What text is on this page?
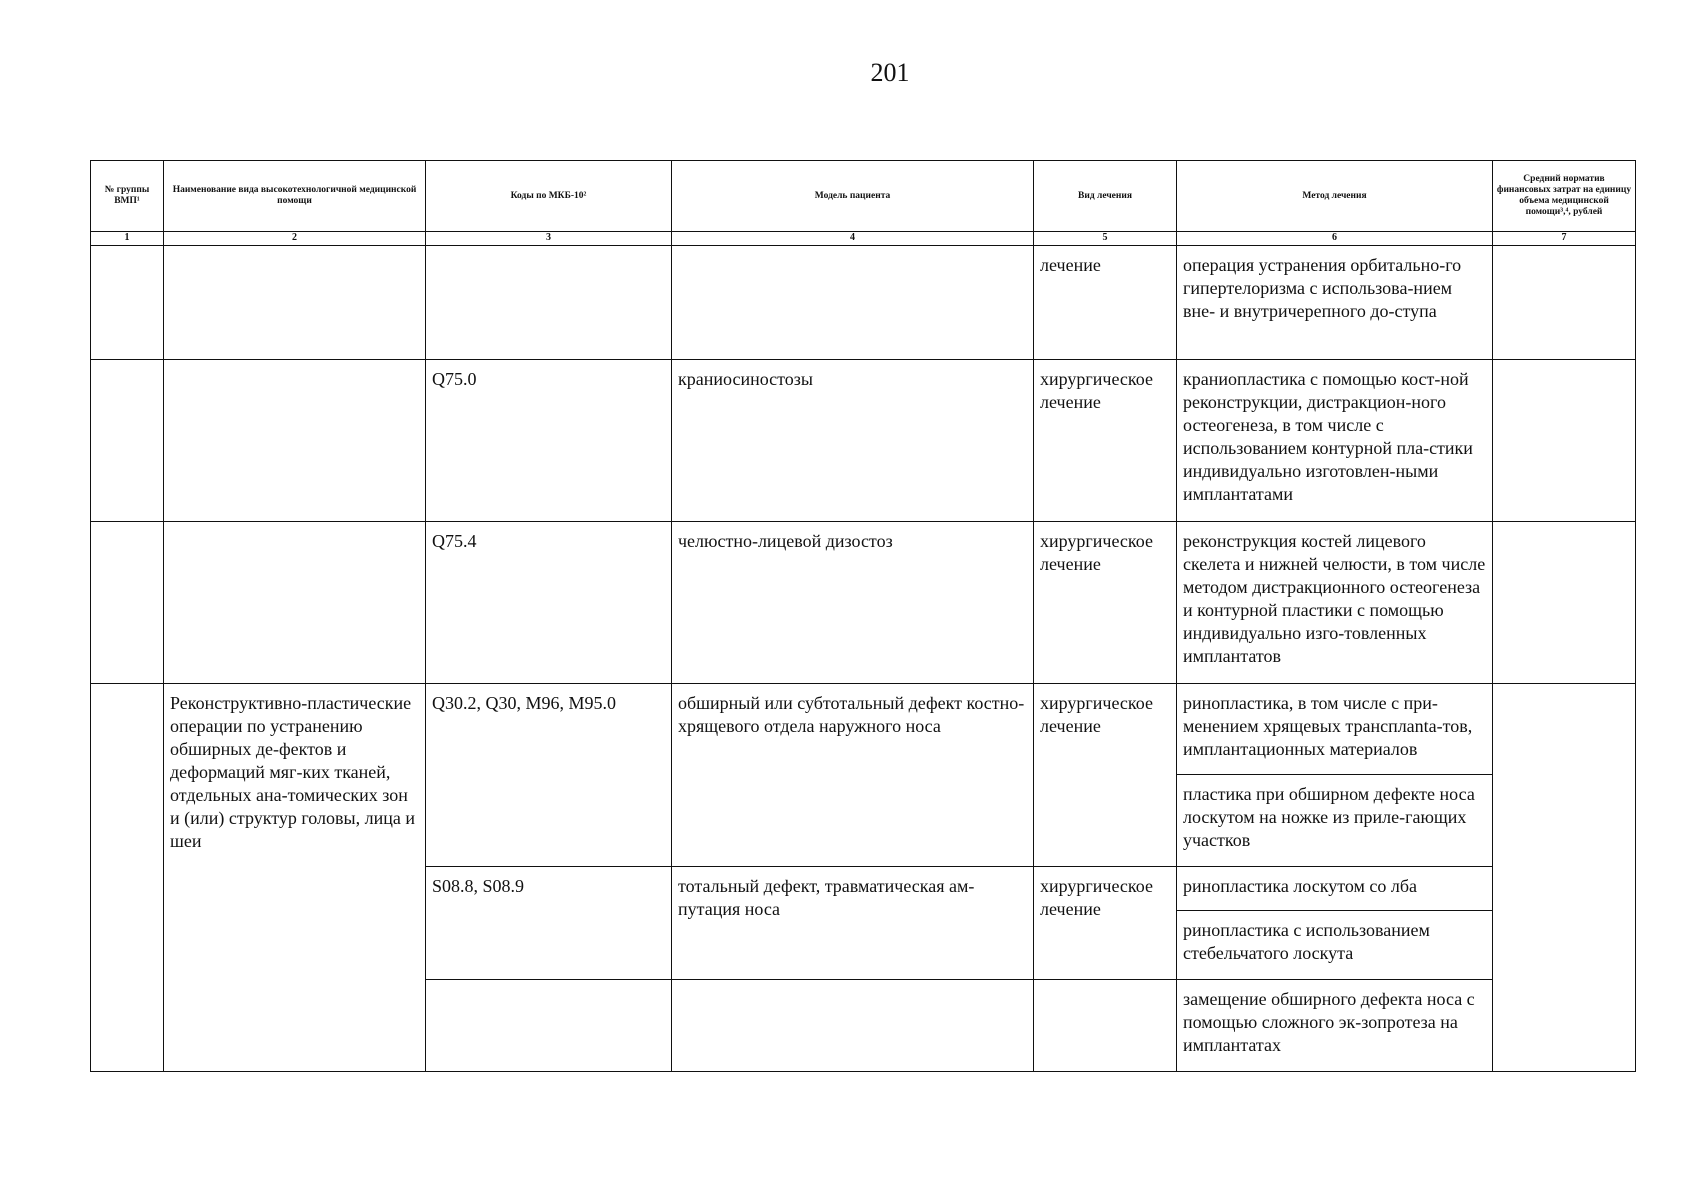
201
№ группы ВМП¹	Наименование вида высокотехнологичной медицинской помощи	Коды по МКБ-10²	Модель пациента	Вид лечения	Метод лечения	Средний норматив финансовых затрат на единицу объема медицинской помощи³,⁴, рублей
1	2	3	4	5	6	7
				лечение	операция устранения орбитально-го гипертелоризма с использова-нием вне- и внутричерепного до-ступа	
		Q75.0	краниосиностозы	хирургическое лечение	краниопластика с помощью кост-ной реконструкции, дистракцион-ного остеогенеза, в том числе с использованием контурной пла-стики индивидуально изготовлен-ными имплантатами	
		Q75.4	челюстно-лицевой дизостоз	хирургическое лечение	реконструкция костей лицевого скелета и нижней челюсти, в том числе методом дистракционного остеогенеза и контурной пластики с помощью индивидуально изго-товленных имплантатов	
	Реконструктивно-пластические операции по устранению обширных де-фектов и деформаций мяг-ких тканей, отдельных ана-томических зон и (или) структур головы, лица и шеи	Q30.2, Q30, M96, M95.0	обширный или субтотальный дефект костно-хрящевого отдела наружного носа	хирургическое лечение	ринопластика, в том числе с при-менением хрящевых трансплanta-тов, имплантационных материалов	
					пластика при обширном дефекте носа лоскутом на ножке из приле-гающих участков	
		S08.8, S08.9	тотальный дефект, травматическая ам-путация носа	хирургическое лечение	ринопластика лоскутом со лба	
					ринопластика с использованием стебельчатого лоскута	
					замещение обширного дефекта носа с помощью сложного эк-зопротеза на имплантатах	
